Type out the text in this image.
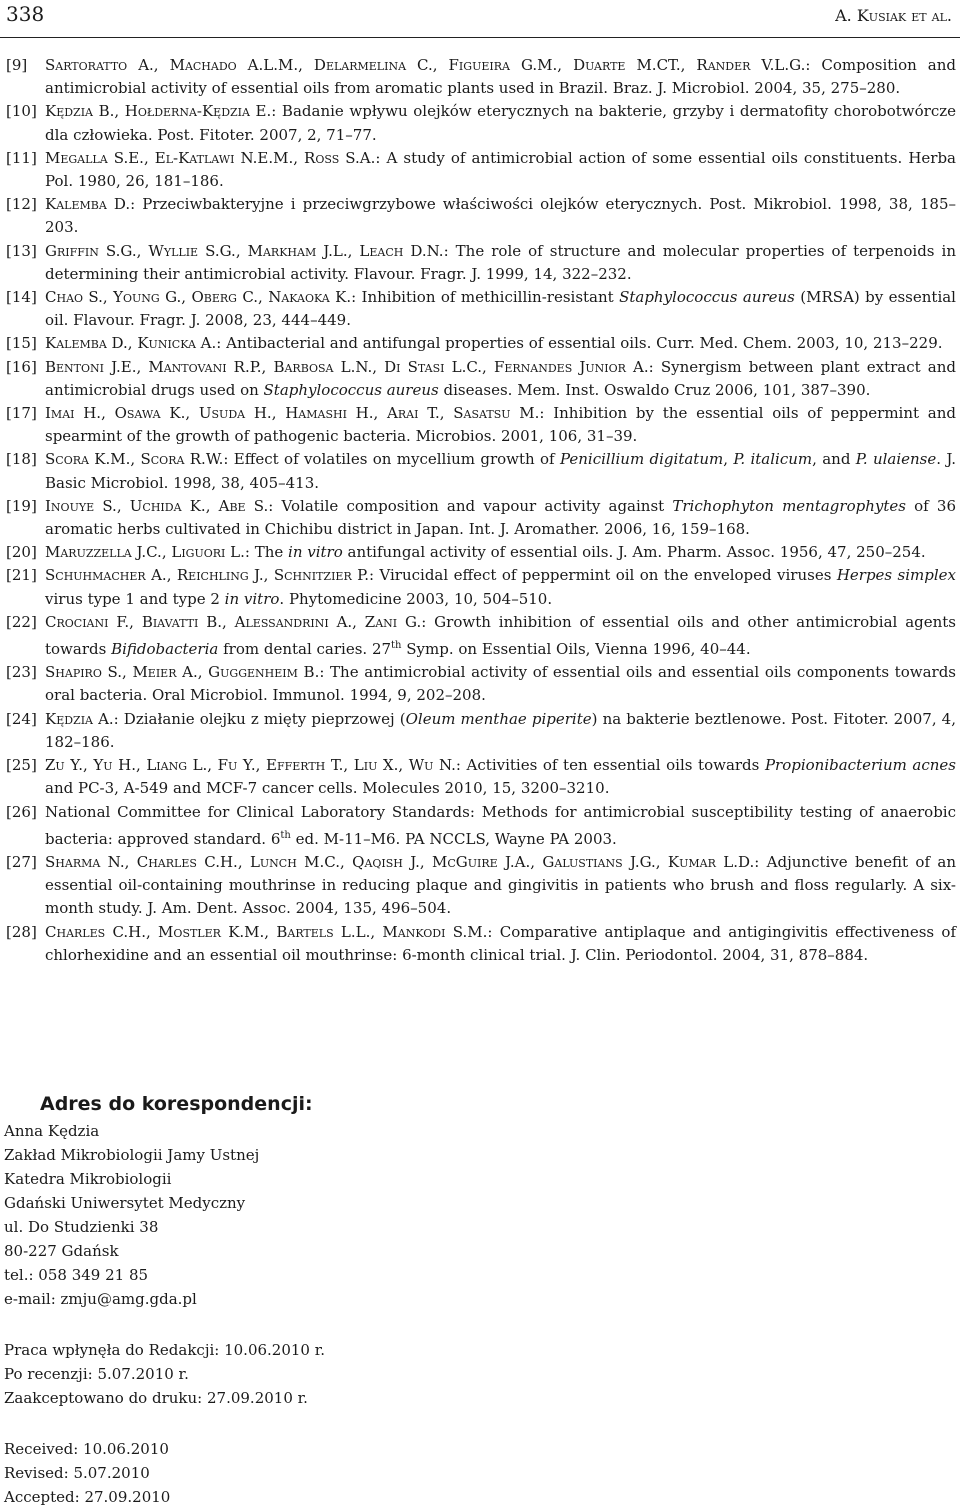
338	A. Kusiak et al.
[9] Sartoratto A., Machado A.L.M., Delarmelina C., Figueira G.M., Duarte M.CT., Rander V.L.G.: Composition and antimicrobial activity of essential oils from aromatic plants used in Brazil. Braz. J. Microbiol. 2004, 35, 275–280.
[10] Kędzia B., Hołderna-Kędzia E.: Badanie wpływu olejków eterycznych na bakterie, grzyby i dermatofity chorobotwórcze dla człowieka. Post. Fitoter. 2007, 2, 71–77.
[11] Megalla S.E., El-Katlawi N.E.M., Ross S.A.: A study of antimicrobial action of some essential oils constituents. Herba Pol. 1980, 26, 181–186.
[12] Kalemba D.: Przeciwbakteryjne i przeciwgrzybowe właściwości olejków eterycznych. Post. Mikrobiol. 1998, 38, 185–203.
[13] Griffin S.G., Wyllie S.G., Markham J.L., Leach D.N.: The role of structure and molecular properties of terpenoids in determining their antimicrobial activity. Flavour. Fragr. J. 1999, 14, 322–232.
[14] Chao S., Young G., Oberg C., Nakaoka K.: Inhibition of methicillin-resistant Staphylococcus aureus (MRSA) by essential oil. Flavour. Fragr. J. 2008, 23, 444–449.
[15] Kalemba D., Kunicka A.: Antibacterial and antifungal properties of essential oils. Curr. Med. Chem. 2003, 10, 213–229.
[16] Bentoni J.E., Mantovani R.P., Barbosa L.N., Di Stasi L.C., Fernandes Junior A.: Synergism between plant extract and antimicrobial drugs used on Staphylococcus aureus diseases. Mem. Inst. Oswaldo Cruz 2006, 101, 387–390.
[17] Imai H., Osawa K., Usuda H., Hamashi H., Arai T., Sasatsu M.: Inhibition by the essential oils of peppermint and spearmint of the growth of pathogenic bacteria. Microbios. 2001, 106, 31–39.
[18] Scora K.M., Scora R.W.: Effect of volatiles on mycellium growth of Penicillium digitatum, P. italicum, and P. ulaiense. J. Basic Microbiol. 1998, 38, 405–413.
[19] Inouye S., Uchida K., Abe S.: Volatile composition and vapour activity against Trichophyton mentagrophytes of 36 aromatic herbs cultivated in Chichibu district in Japan. Int. J. Aromather. 2006, 16, 159–168.
[20] Maruzzella J.C., Liguori L.: The in vitro antifungal activity of essential oils. J. Am. Pharm. Assoc. 1956, 47, 250–254.
[21] Schuhmacher A., Reichling J., Schnitzier P.: Virucidal effect of peppermint oil on the enveloped viruses Herpes simplex virus type 1 and type 2 in vitro. Phytomedicine 2003, 10, 504–510.
[22] Crociani F., Biavatti B., Alessandrini A., Zani G.: Growth inhibition of essential oils and other antimicrobial agents towards Bifidobacteria from dental caries. 27th Symp. on Essential Oils, Vienna 1996, 40–44.
[23] Shapiro S., Meier A., Guggenheim B.: The antimicrobial activity of essential oils and essential oils components towards oral bacteria. Oral Microbiol. Immunol. 1994, 9, 202–208.
[24] Kędzia A.: Działanie olejku z mięty pieprzowej (Oleum menthae piperite) na bakterie beztlenowe. Post. Fitoter. 2007, 4, 182–186.
[25] Zu Y., Yu H., Liang L., Fu Y., Efferth T., Liu X., Wu N.: Activities of ten essential oils towards Propionibacterium acnes and PC-3, A-549 and MCF-7 cancer cells. Molecules 2010, 15, 3200–3210.
[26] National Committee for Clinical Laboratory Standards: Methods for antimicrobial susceptibility testing of anaerobic bacteria: approved standard. 6th ed. M-11–M6. PA NCCLS, Wayne PA 2003.
[27] Sharma N., Charles C.H., Lunch M.C., Qaqish J., McGuire J.A., Galustians J.G., Kumar L.D.: Adjunctive benefit of an essential oil-containing mouthrinse in reducing plaque and gingivitis in patients who brush and floss regularly. A six-month study. J. Am. Dent. Assoc. 2004, 135, 496–504.
[28] Charles C.H., Mostler K.M., Bartels L.L., Mankodi S.M.: Comparative antiplaque and antigingivitis effectiveness of chlorhexidine and an essential oil mouthrinse: 6-month clinical trial. J. Clin. Periodontol. 2004, 31, 878–884.
Adres do korespondencji:
Anna Kędzia
Zakład Mikrobiologii Jamy Ustnej
Katedra Mikrobiologii
Gdański Uniwersytet Medyczny
ul. Do Studzienki 38
80-227 Gdańsk
tel.: 058 349 21 85
e-mail: zmju@amg.gda.pl
Praca wpłynęła do Redakcji: 10.06.2010 r.
Po recenzji: 5.07.2010 r.
Zaakceptowano do druku: 27.09.2010 r.
Received: 10.06.2010
Revised: 5.07.2010
Accepted: 27.09.2010
